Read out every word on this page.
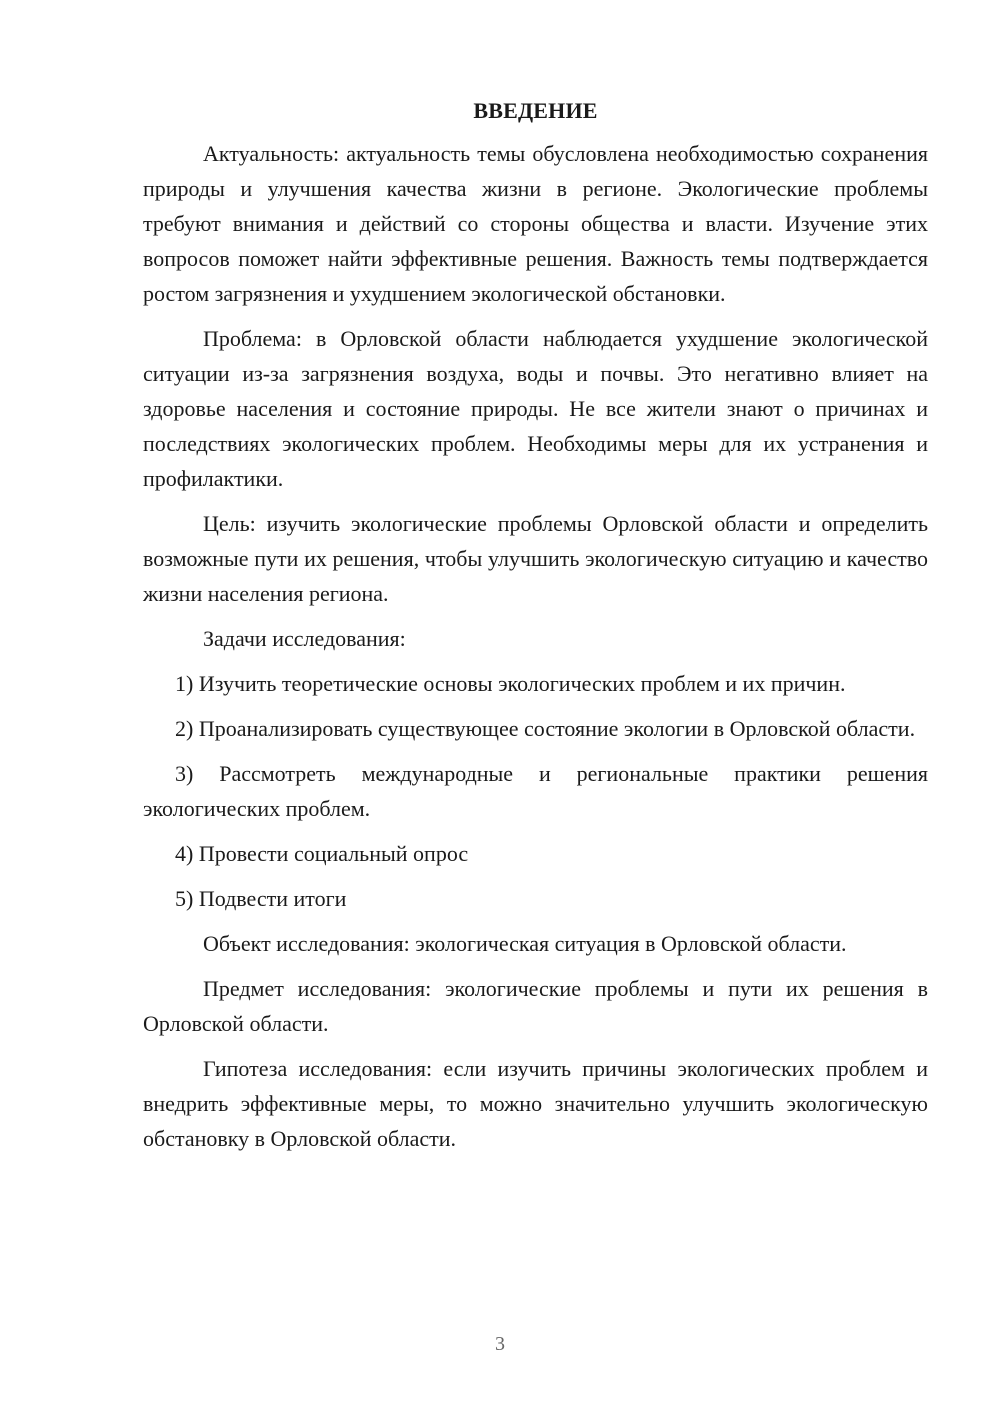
ВВЕДЕНИЕ

Актуальность: актуальность темы обусловлена необходимостью сохранения природы и улучшения качества жизни в регионе. Экологические проблемы требуют внимания и действий со стороны общества и власти. Изучение этих вопросов поможет найти эффективные решения. Важность темы подтверждается ростом загрязнения и ухудшением экологической обстановки.

Проблема: в Орловской области наблюдается ухудшение экологической ситуации из-за загрязнения воздуха, воды и почвы. Это негативно влияет на здоровье населения и состояние природы. Не все жители знают о причинах и последствиях экологических проблем. Необходимы меры для их устранения и профилактики.

Цель: изучить экологические проблемы Орловской области и определить возможные пути их решения, чтобы улучшить экологическую ситуацию и качество жизни населения региона.

Задачи исследования:

1) Изучить теоретические основы экологических проблем и их причин.

2) Проанализировать существующее состояние экологии в Орловской области.

3) Рассмотреть международные и региональные практики решения экологических проблем.

4) Провести социальный опрос

5) Подвести итоги

Объект исследования: экологическая ситуация в Орловской области.

Предмет исследования: экологические проблемы и пути их решения в Орловской области.

Гипотеза исследования: если изучить причины экологических проблем и внедрить эффективные меры, то можно значительно улучшить экологическую обстановку в Орловской области.

3
